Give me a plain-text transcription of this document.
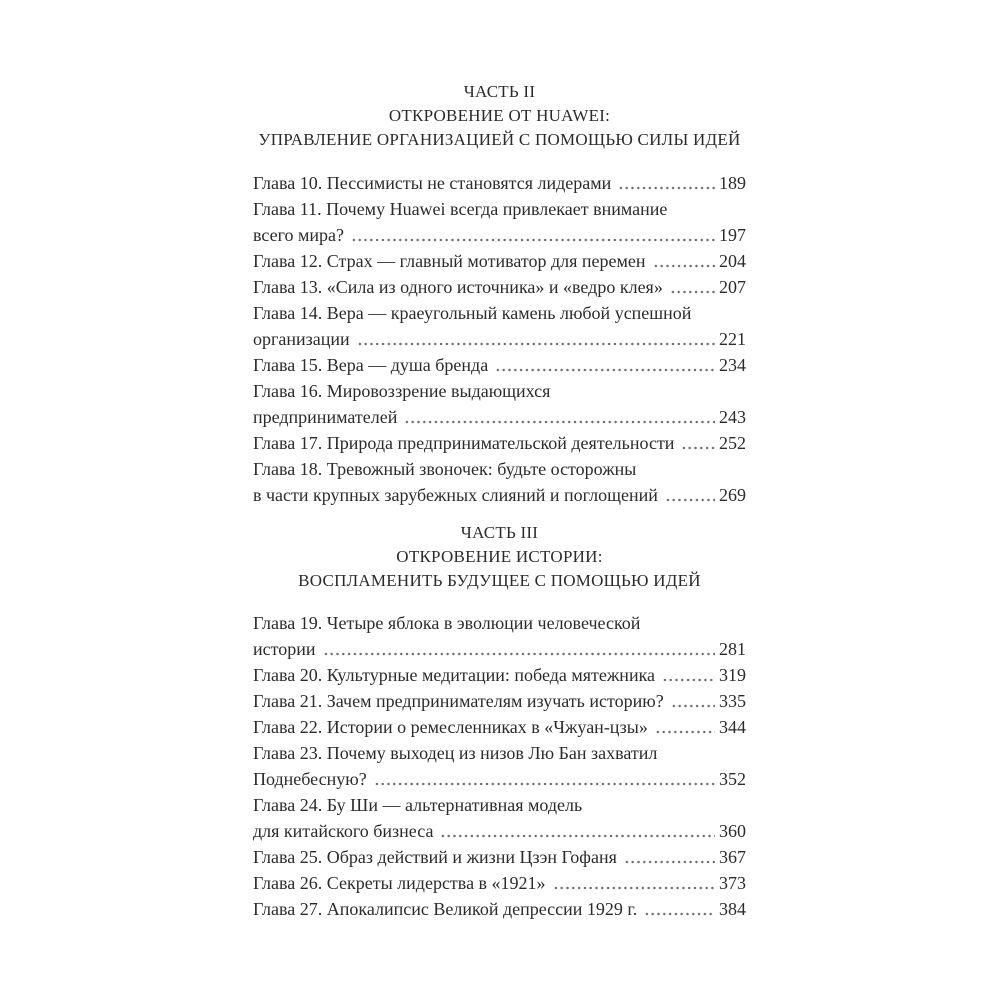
ЧАСТЬ II
ОТКРОВЕНИЕ ОТ HUAWEI:
УПРАВЛЕНИЕ ОРГАНИЗАЦИЕЙ С ПОМОЩЬЮ СИЛЫ ИДЕЙ
Глава 10. Пессимисты не становятся лидерами	189
Глава 11. Почему Huawei всегда привлекает внимание
всего мира?	197
Глава 12. Страх — главный мотиватор для перемен	204
Глава 13. «Сила из одного источника» и «ведро клея»	207
Глава 14. Вера — краеугольный камень любой успешной
организации	221
Глава 15. Вера — душа бренда	234
Глава 16. Мировоззрение выдающихся
предпринимателей	243
Глава 17. Природа предпринимательской деятельности 252
Глава 18. Тревожный звоночек: будьте осторожны
в части крупных зарубежных слияний и поглощений	269
ЧАСТЬ III
ОТКРОВЕНИЕ ИСТОРИИ:
ВОСПЛАМЕНИТЬ БУДУЩЕЕ С ПОМОЩЬЮ ИДЕЙ
Глава 19. Четыре яблока в эволюции человеческой
истории	281
Глава 20. Культурные медитации: победа мятежника	319
Глава 21. Зачем предпринимателям изучать историю?	335
Глава 22. Истории о ремесленниках в «Чжуан-цзы»	344
Глава 23. Почему выходец из низов Лю Бан захватил
Поднебесную?	352
Глава 24. Бу Ши — альтернативная модель
для китайского бизнеса	360
Глава 25. Образ действий и жизни Цзэн Гофаня	367
Глава 26. Секреты лидерства в «1921»	373
Глава 27. Апокалипсис Великой депрессии 1929 г.	384
